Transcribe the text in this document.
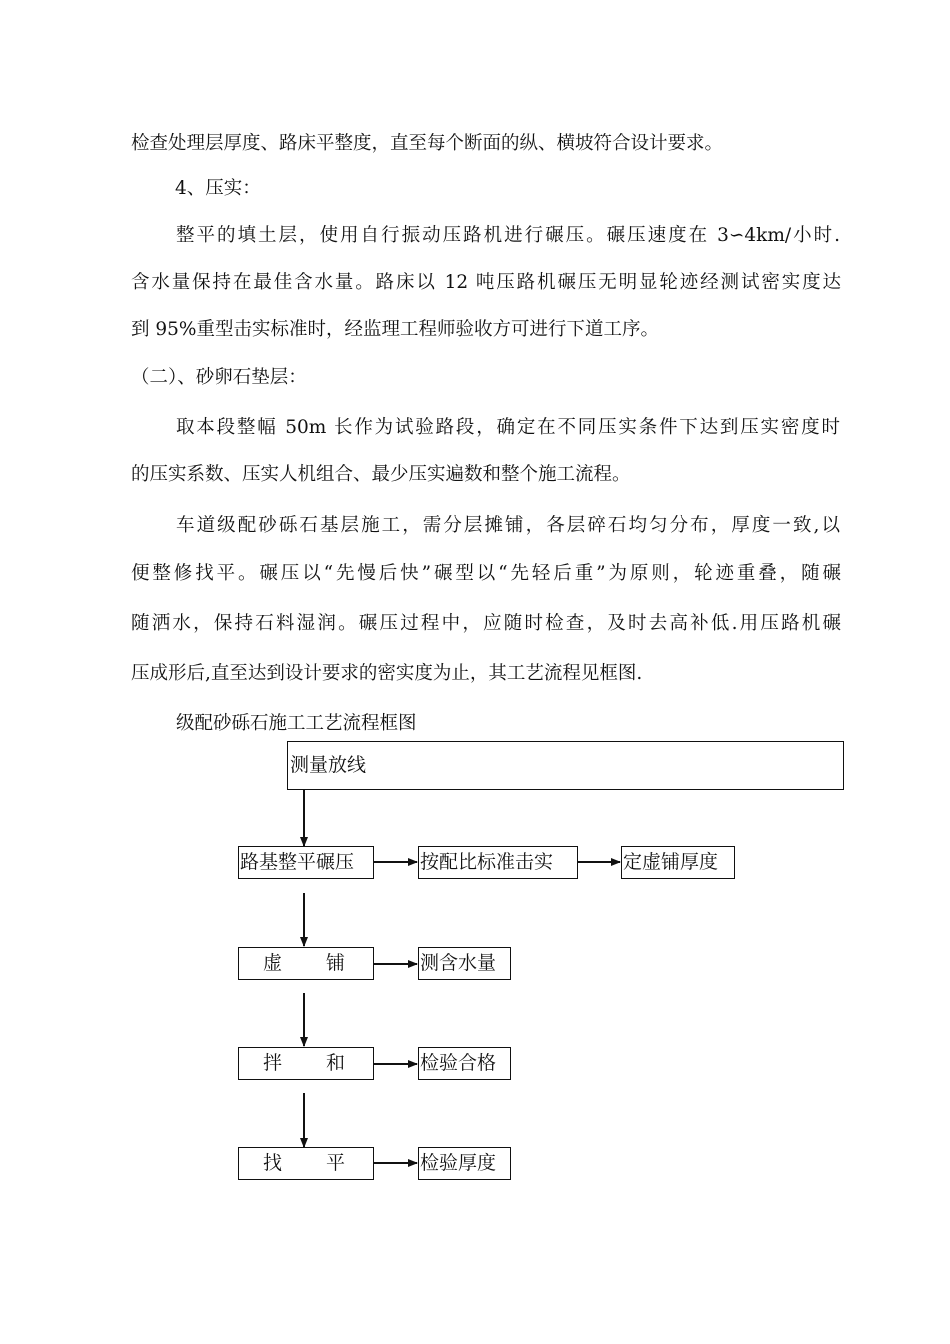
检查处理层厚度、路床平整度，直至每个断面的纵、横坡符合设计要求。
4、压实：
整平的填土层，使用自行振动压路机进行碾压。碾压速度在 3∽4km/小时.
含水量保持在最佳含水量。路床以 12 吨压路机碾压无明显轮迹经测试密实度达
到 95%重型击实标准时，经监理工程师验收方可进行下道工序。
（二）、砂卵石垫层：
取本段整幅 50m 长作为试验路段，确定在不同压实条件下达到压实密度时
的压实系数、压实人机组合、最少压实遍数和整个施工流程。
车道级配砂砾石基层施工，需分层摊铺，各层碎石均匀分布，厚度一致,以
便整修找平。碾压以“先慢后快”碾型以“先轻后重”为原则，轮迹重叠，随碾
随洒水，保持石料湿润。碾压过程中，应随时检查，及时去高补低.用压路机碾
压成形后,直至达到设计要求的密实度为止，其工艺流程见框图.
级配砂砾石施工工艺流程框图
测量放线
路基整平碾压	按配比标准击实	定虚铺厚度
虚 铺	测含水量
拌 和	检验合格
找 平	检验厚度
